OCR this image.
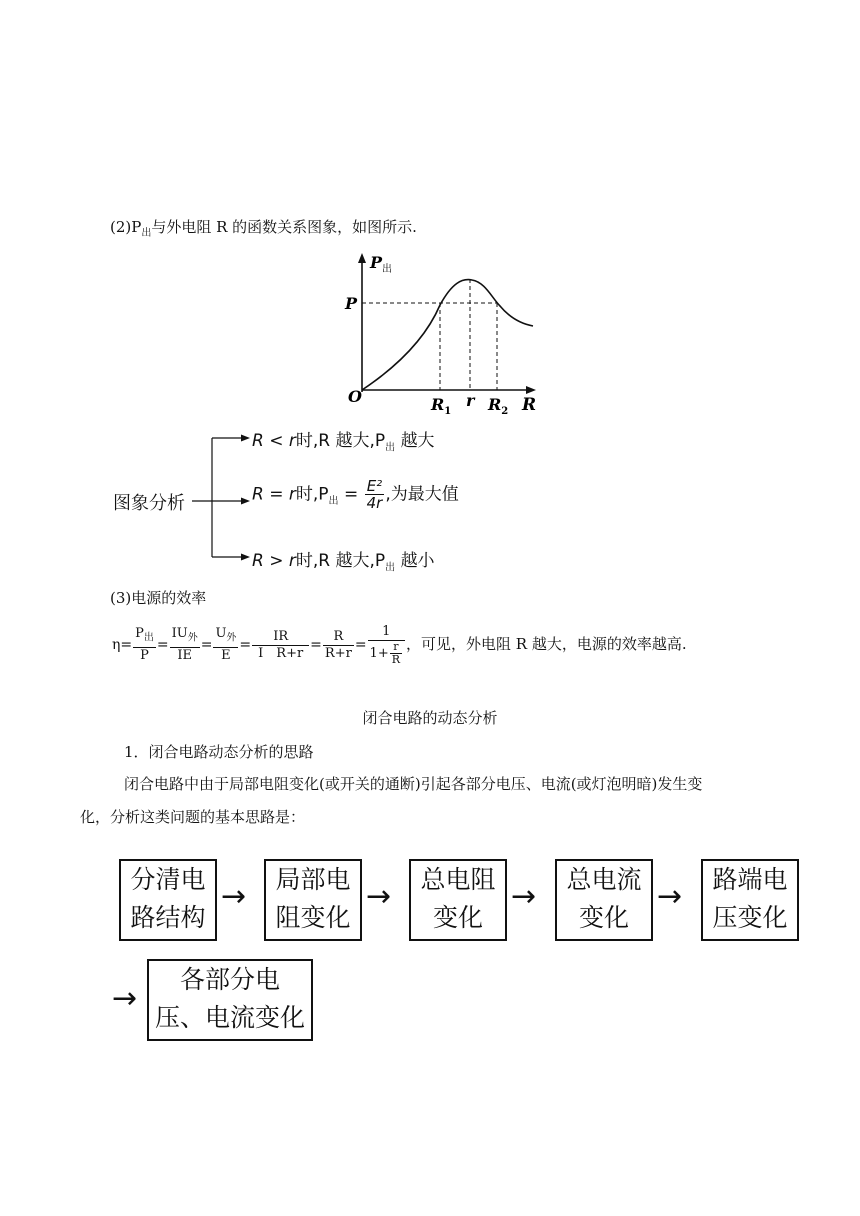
$(2)P_出$与外电阻 R 的函数关系图象，如图所示.
$P_出$
P
O	$R_1$
r $R_2$ R
图象分析
R < r时,R 越大$,P_出$ 越大
R = r时$,P_出 = \frac{\text{E²}}{4r}$ ,为最大值
R > r时,R 越大$,P_出$ 越小
(3)电源的效率
$\eta= \frac{P_出}{P} = \frac{IU_外}{IE} = \frac{U_外}{E} = \frac{IR}{\text{I　R+r}} = \frac{R}{R+r} = \frac{1}{1+ \frac{r}{R}}$ ，可见，外电阻 R 越大，电源的效率越高.
闭合电路的动态分析
1．闭合电路动态分析的思路
闭合电路中由于局部电阻变化(或开关的通断)引起各部分电压、电流(或灯泡明暗)发生变
化，分析这类问题的基本思路是：
分清电
路结构
→	局部电
阻变化
→	总电阻
变化
→	总电流
变化
→	路端电
压变化
→
各部分电
压、电流变化
